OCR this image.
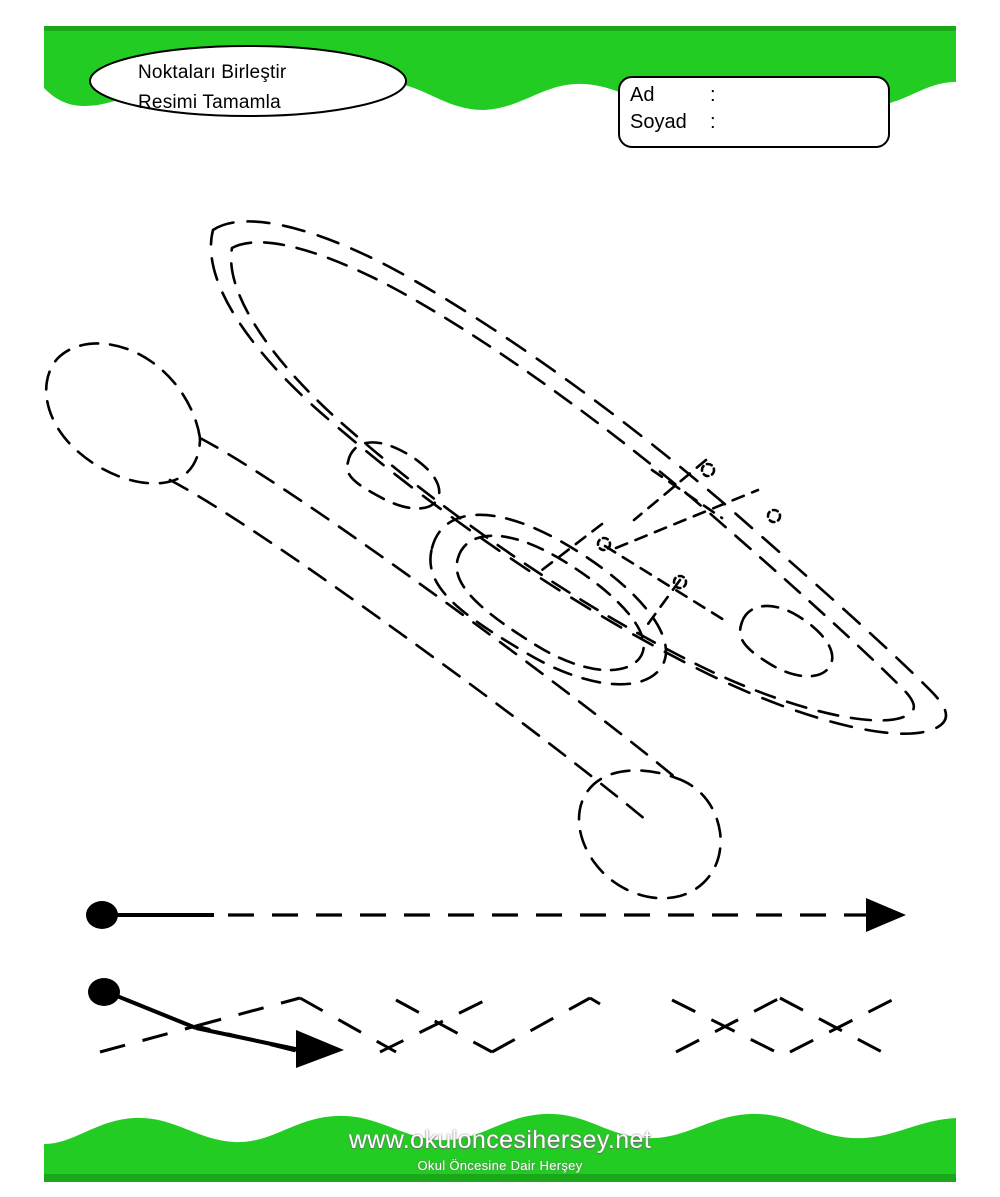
Noktaları Birleştir
Resimi Tamamla	Ad	:
Soyad :
www.okuloncesihersey.net
Okul Öncesine Dair Herşey
